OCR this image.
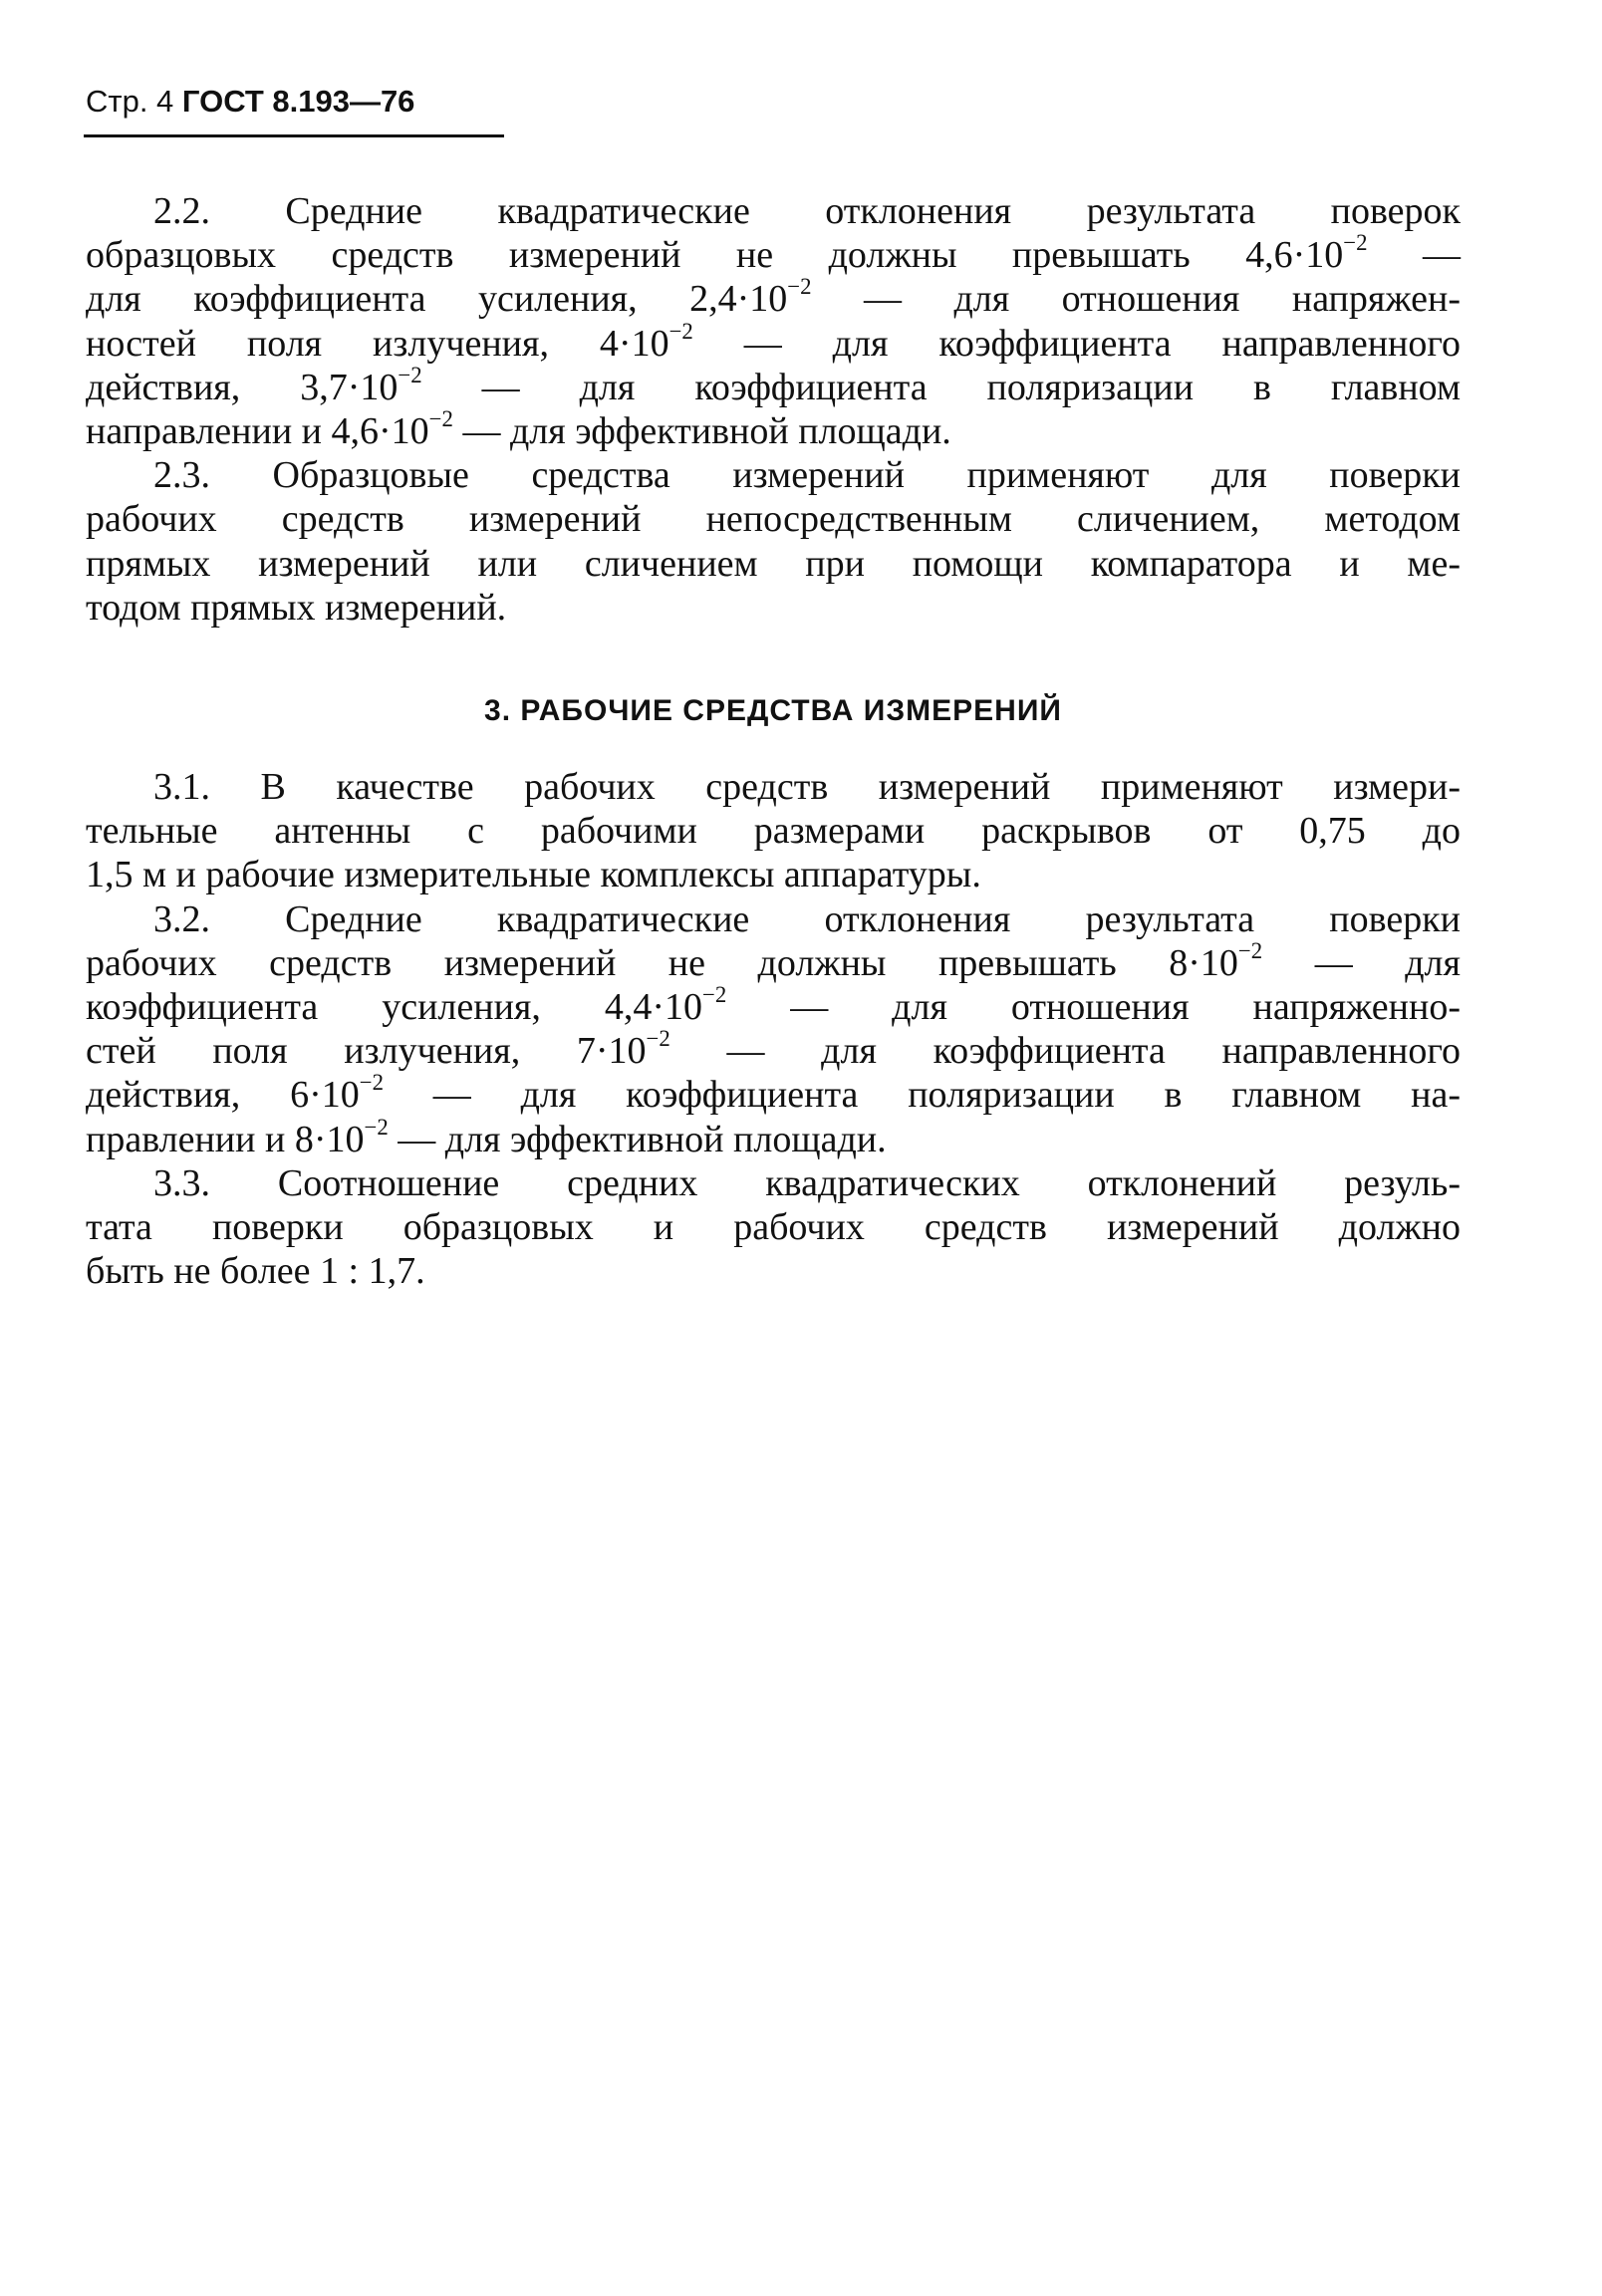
Стр. 4 ГОСТ 8.193—76
2.2. Средние квадратические отклонения результата поверок
образцовых средств измерений не должны превышать $4,6\cdot 10^{-2}$ —
для коэффициента усиления, $2,4\cdot 10^{-2}$ — для отношения напряжен-
ностей поля излучения, $4\cdot 10^{-2}$ — для коэффициента направленного
действия, $3,7\cdot 10^{-2}$ — для коэффициента поляризации в главном
направлении и $4,6\cdot 10^{-2}$ — для эффективной площади.
2.3. Образцовые средства измерений применяют для поверки
рабочих средств измерений непосредственным сличением, методом
прямых измерений или сличением при помощи компаратора и ме-
тодом прямых измерений.
3. РАБОЧИЕ СРЕДСТВА ИЗМЕРЕНИЙ
3.1. В качестве рабочих средств измерений применяют измери-
тельные антенны с рабочими размерами раскрывов от 0,75 до
1,5 м и рабочие измерительные комплексы аппаратуры.
3.2. Средние квадратические отклонения результата поверки
рабочих средств измерений не должны превышать $8\cdot 10^{-2}$ — для
коэффициента усиления, $4,4\cdot 10^{-2}$ — для отношения напряженно-
стей поля излучения, $7\cdot 10^{-2}$ — для коэффициента направленного
действия, $6\cdot 10^{-2}$ — для коэффициента поляризации в главном на-
правлении и $8\cdot 10^{-2}$ — для эффективной площади.
3.3. Соотношение средних квадратических отклонений резуль-
тата поверки образцовых и рабочих средств измерений должно
быть не более 1 : 1,7.
